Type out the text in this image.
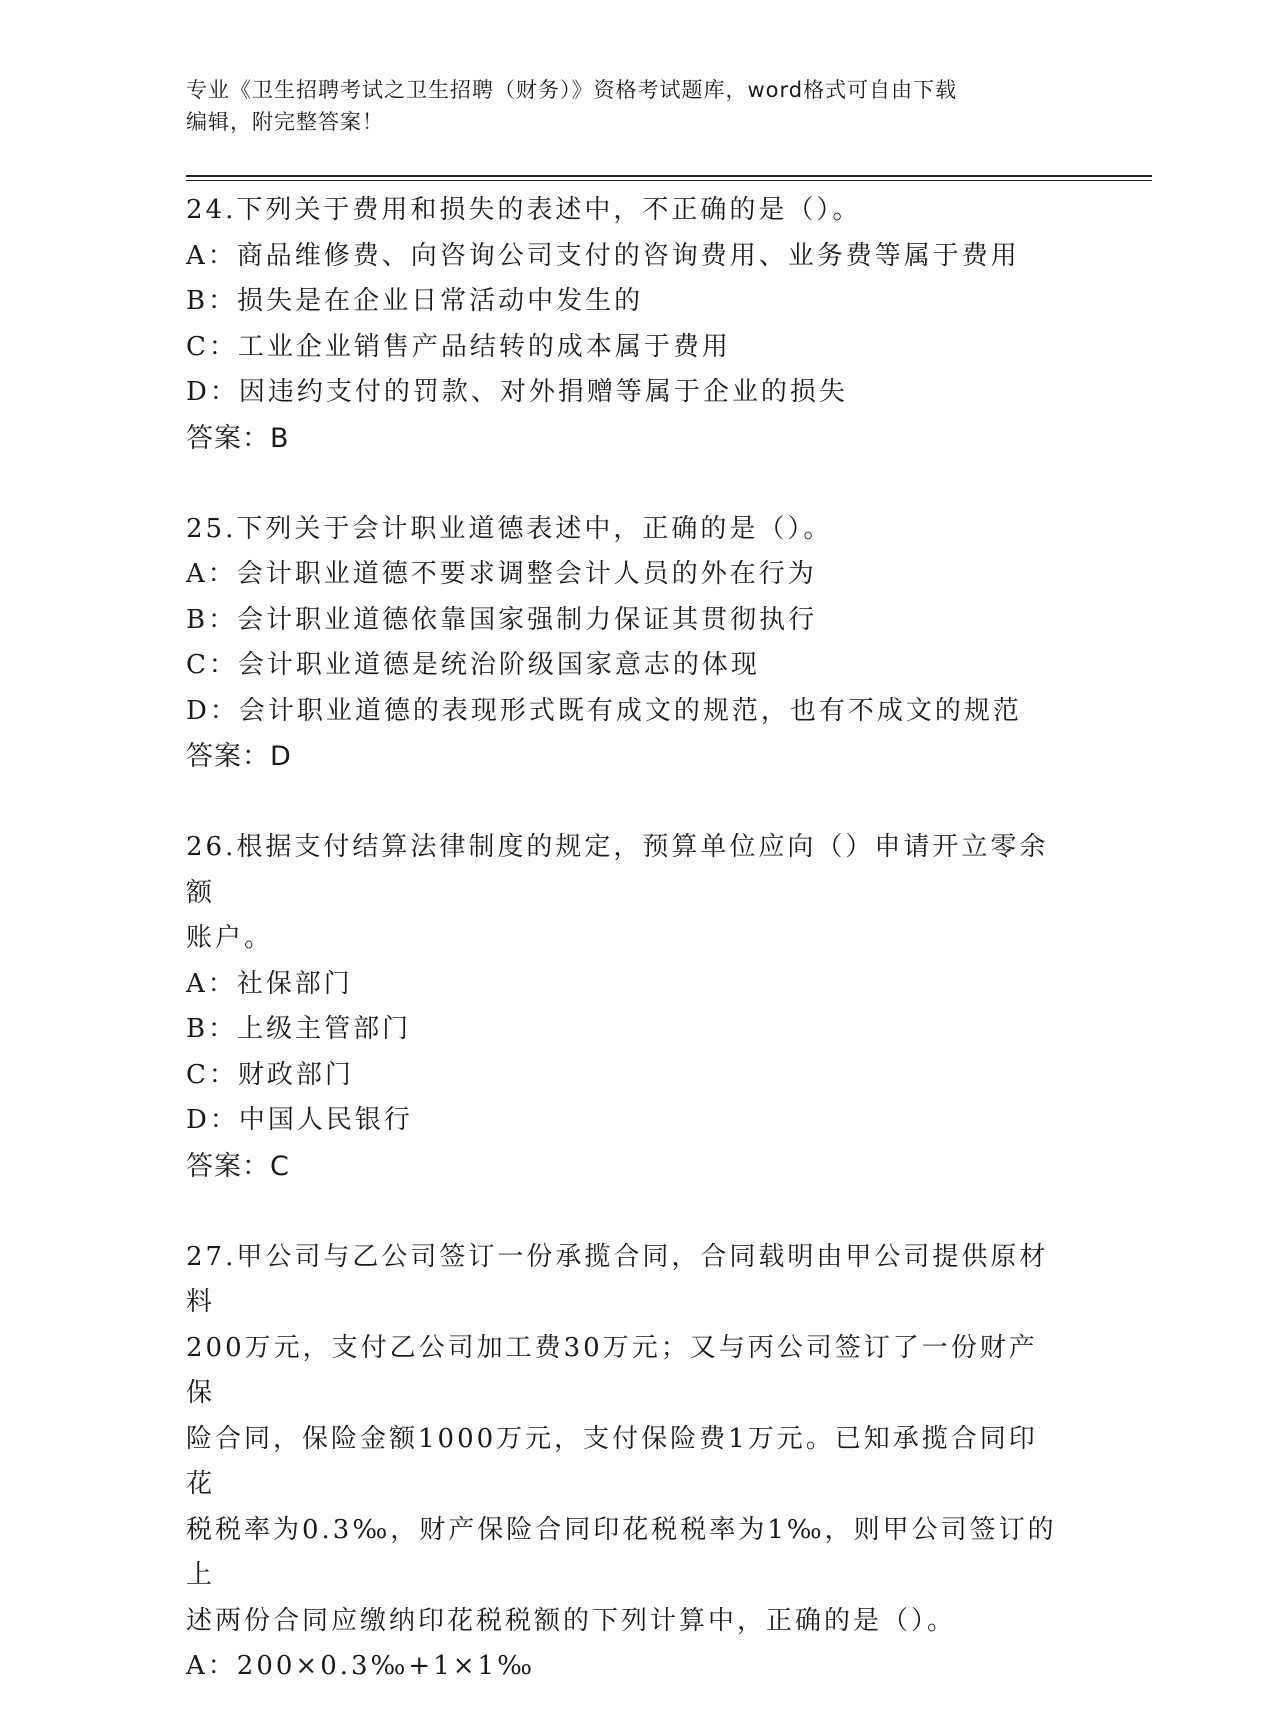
专业《卫生招聘考试之卫生招聘（财务）》资格考试题库，word格式可自由下载
编辑，附完整答案！
24.下列关于费用和损失的表述中，不正确的是（）。
A：商品维修费、向咨询公司支付的咨询费用、业务费等属于费用
B：损失是在企业日常活动中发生的
C：工业企业销售产品结转的成本属于费用
D：因违约支付的罚款、对外捐赠等属于企业的损失
答案：B
25.下列关于会计职业道德表述中，正确的是（）。
A：会计职业道德不要求调整会计人员的外在行为
B：会计职业道德依靠国家强制力保证其贯彻执行
C：会计职业道德是统治阶级国家意志的体现
D：会计职业道德的表现形式既有成文的规范，也有不成文的规范
答案：D
26.根据支付结算法律制度的规定，预算单位应向（）申请开立零余额
账户。
A：社保部门
B：上级主管部门
C：财政部门
D：中国人民银行
答案：C
27.甲公司与乙公司签订一份承揽合同，合同载明由甲公司提供原材料
200万元，支付乙公司加工费30万元；又与丙公司签订了一份财产保
险合同，保险金额1000万元，支付保险费1万元。已知承揽合同印花
税税率为0.3‰，财产保险合同印花税税率为1‰，则甲公司签订的上
述两份合同应缴纳印花税税额的下列计算中，正确的是（）。
A：200×0.3‰+1×1‰
